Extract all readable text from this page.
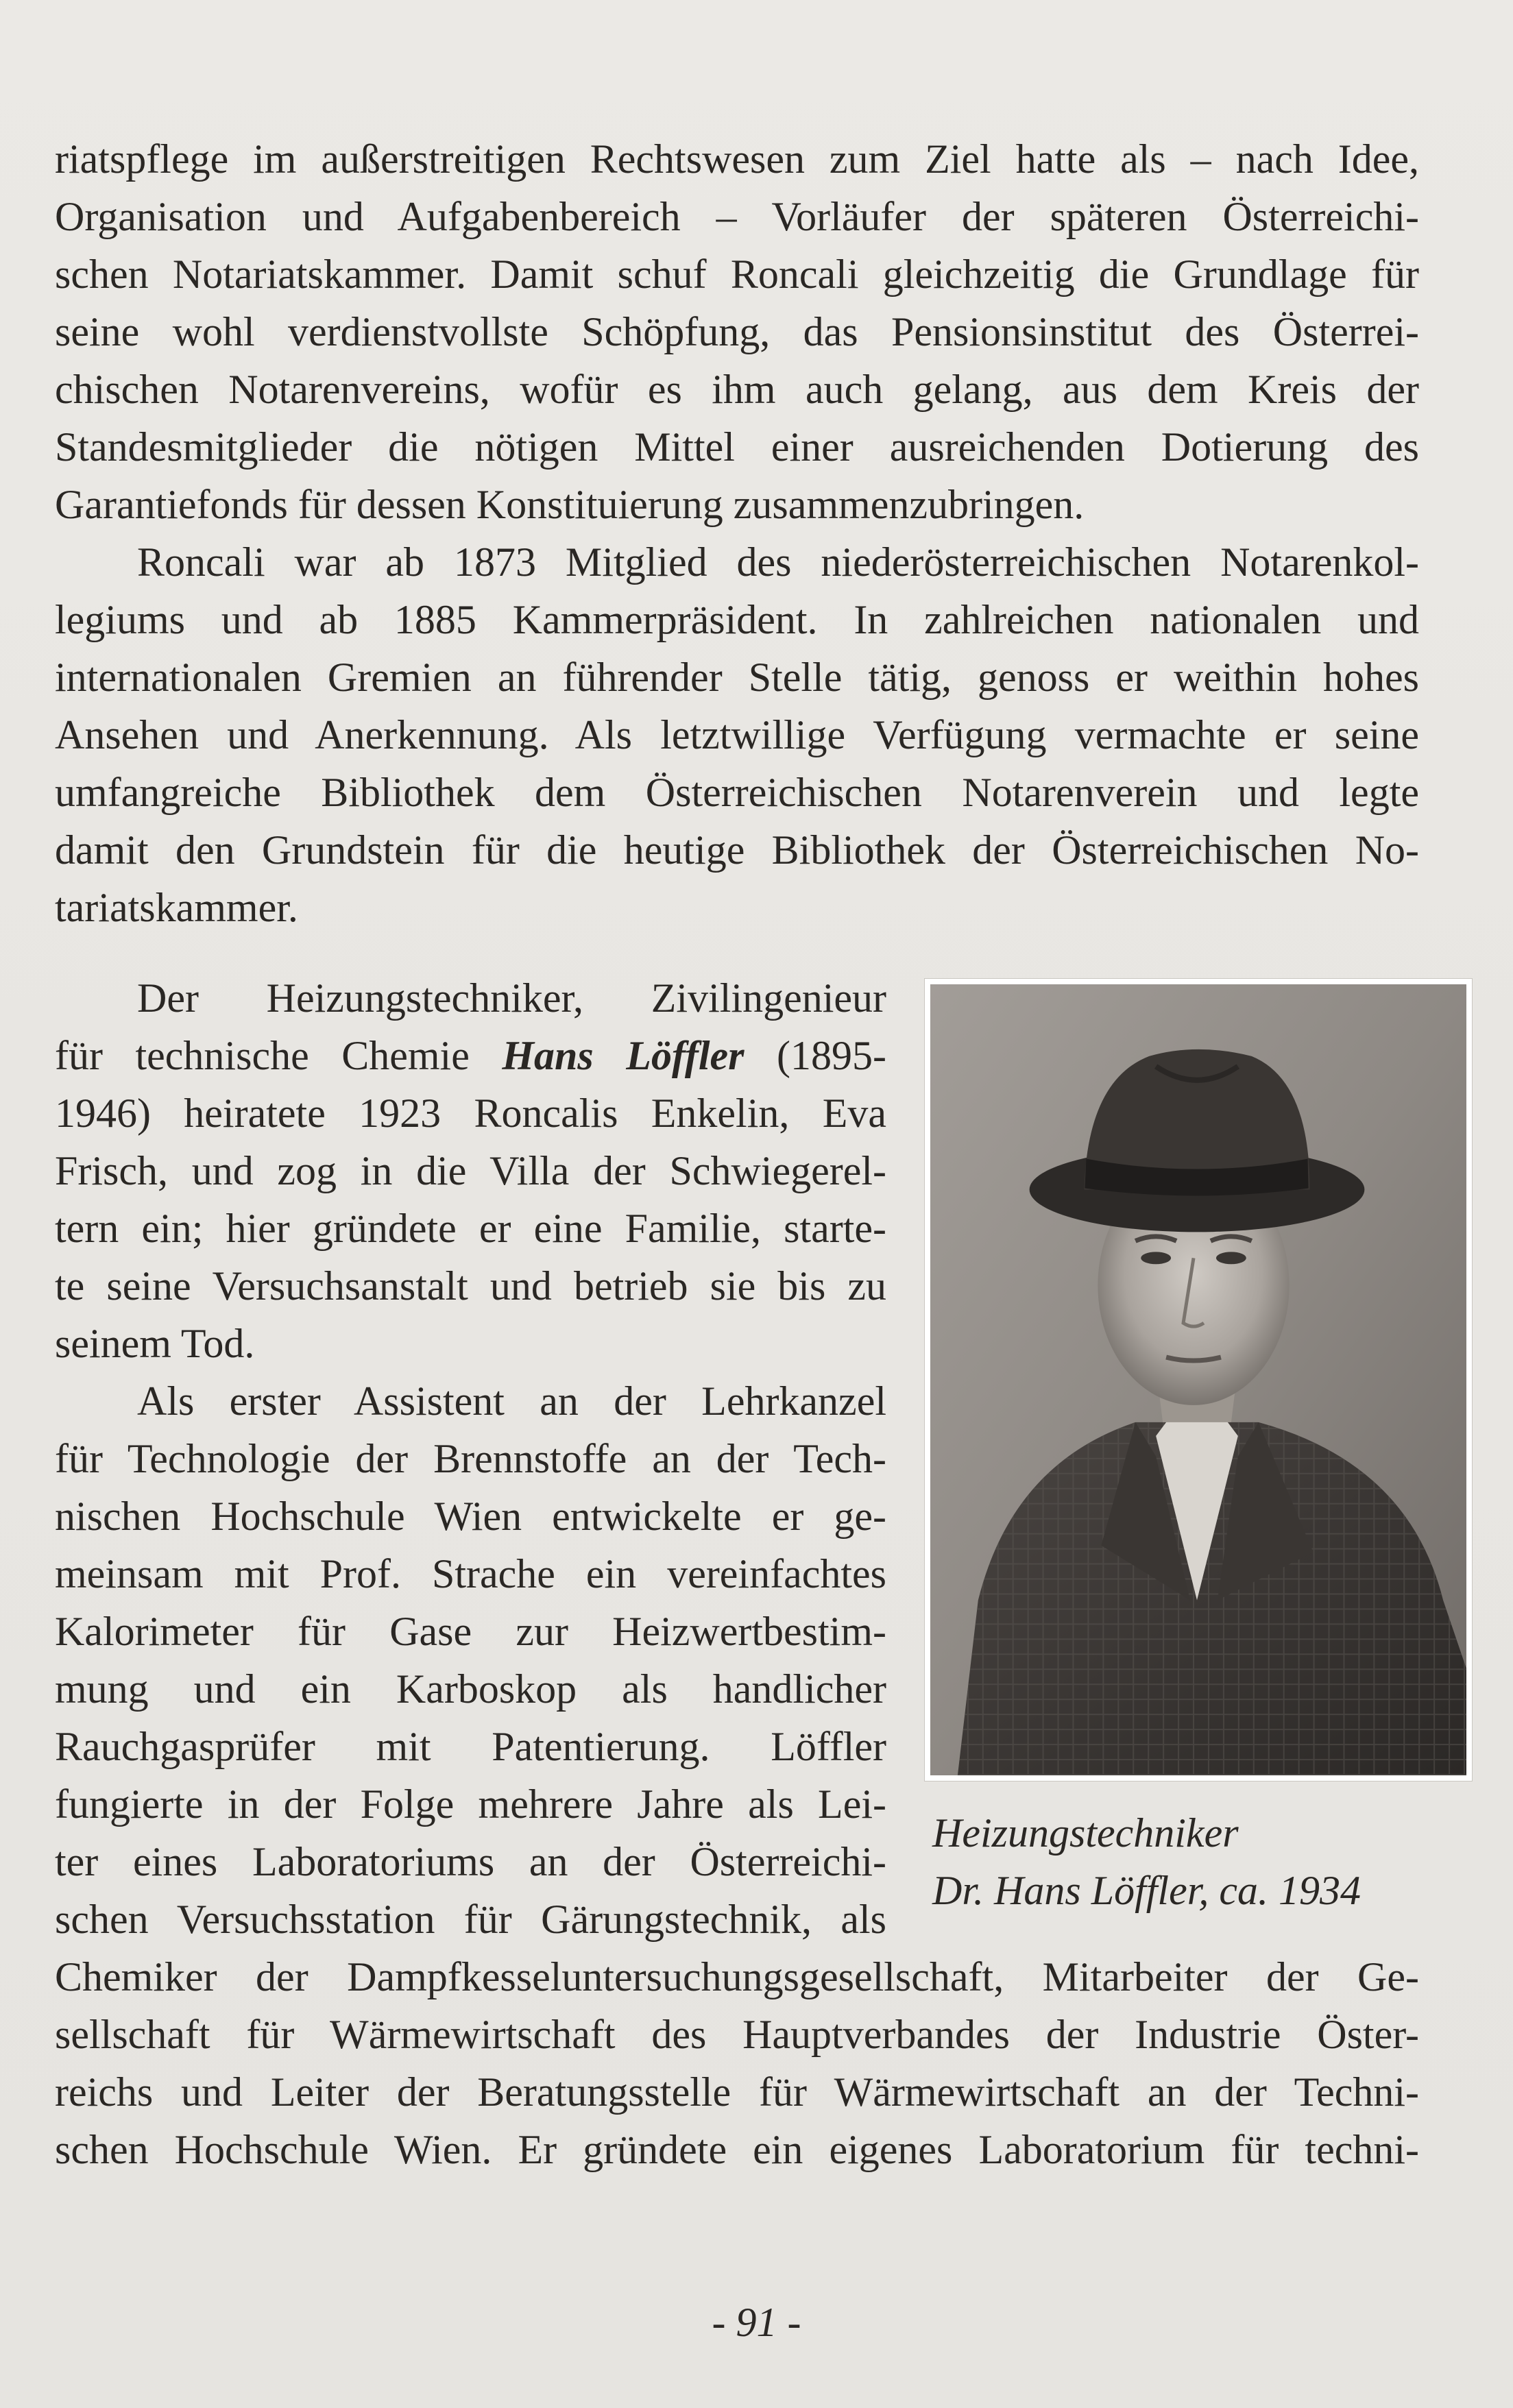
riatspflege im außerstreitigen Rechtswesen zum Ziel hatte als – nach Idee,
Organisation und Aufgabenbereich – Vorläufer der späteren Österreichi-
schen Notariatskammer. Damit schuf Roncali gleichzeitig die Grundlage für
seine wohl verdienstvollste Schöpfung, das Pensionsinstitut des Österrei-
chischen Notarenvereins, wofür es ihm auch gelang, aus dem Kreis der
Standesmitglieder die nötigen Mittel einer ausreichenden Dotierung des
Garantiefonds für dessen Konstituierung zusammenzubringen.
Roncali war ab 1873 Mitglied des niederösterreichischen Notarenkol-
legiums und ab 1885 Kammerpräsident. In zahlreichen nationalen und
internationalen Gremien an führender Stelle tätig, genoss er weithin hohes
Ansehen und Anerkennung. Als letztwillige Verfügung vermachte er seine
umfangreiche Bibliothek dem Österreichischen Notarenverein und legte
damit den Grundstein für die heutige Bibliothek der Österreichischen No-
tariatskammer.
Der Heizungstechniker, Zivilingenieur
für technische Chemie Hans Löffler (1895-
1946) heiratete 1923 Roncalis Enkelin, Eva
Frisch, und zog in die Villa der Schwiegerel-
tern ein; hier gründete er eine Familie, starte-
te seine Versuchsanstalt und betrieb sie bis zu
seinem Tod.
Als erster Assistent an der Lehrkanzel
für Technologie der Brennstoffe an der Tech-
nischen Hochschule Wien entwickelte er ge-
meinsam mit Prof. Strache ein vereinfachtes
Kalorimeter für Gase zur Heizwertbestim-
mung und ein Karboskop als handlicher
Rauchgasprüfer mit Patentierung. Löffler
fungierte in der Folge mehrere Jahre als Lei-
ter eines Laboratoriums an der Österreichi-
schen Versuchsstation für Gärungstechnik, als
Chemiker der Dampfkesseluntersuchungsgesellschaft, Mitarbeiter der Ge-
sellschaft für Wärmewirtschaft des Hauptverbandes der Industrie Öster-
reichs und Leiter der Beratungsstelle für Wärmewirtschaft an der Techni-
schen Hochschule Wien. Er gründete ein eigenes Laboratorium für techni-
Heizungstechniker
Dr. Hans Löffler, ca. 1934
- 91 -
